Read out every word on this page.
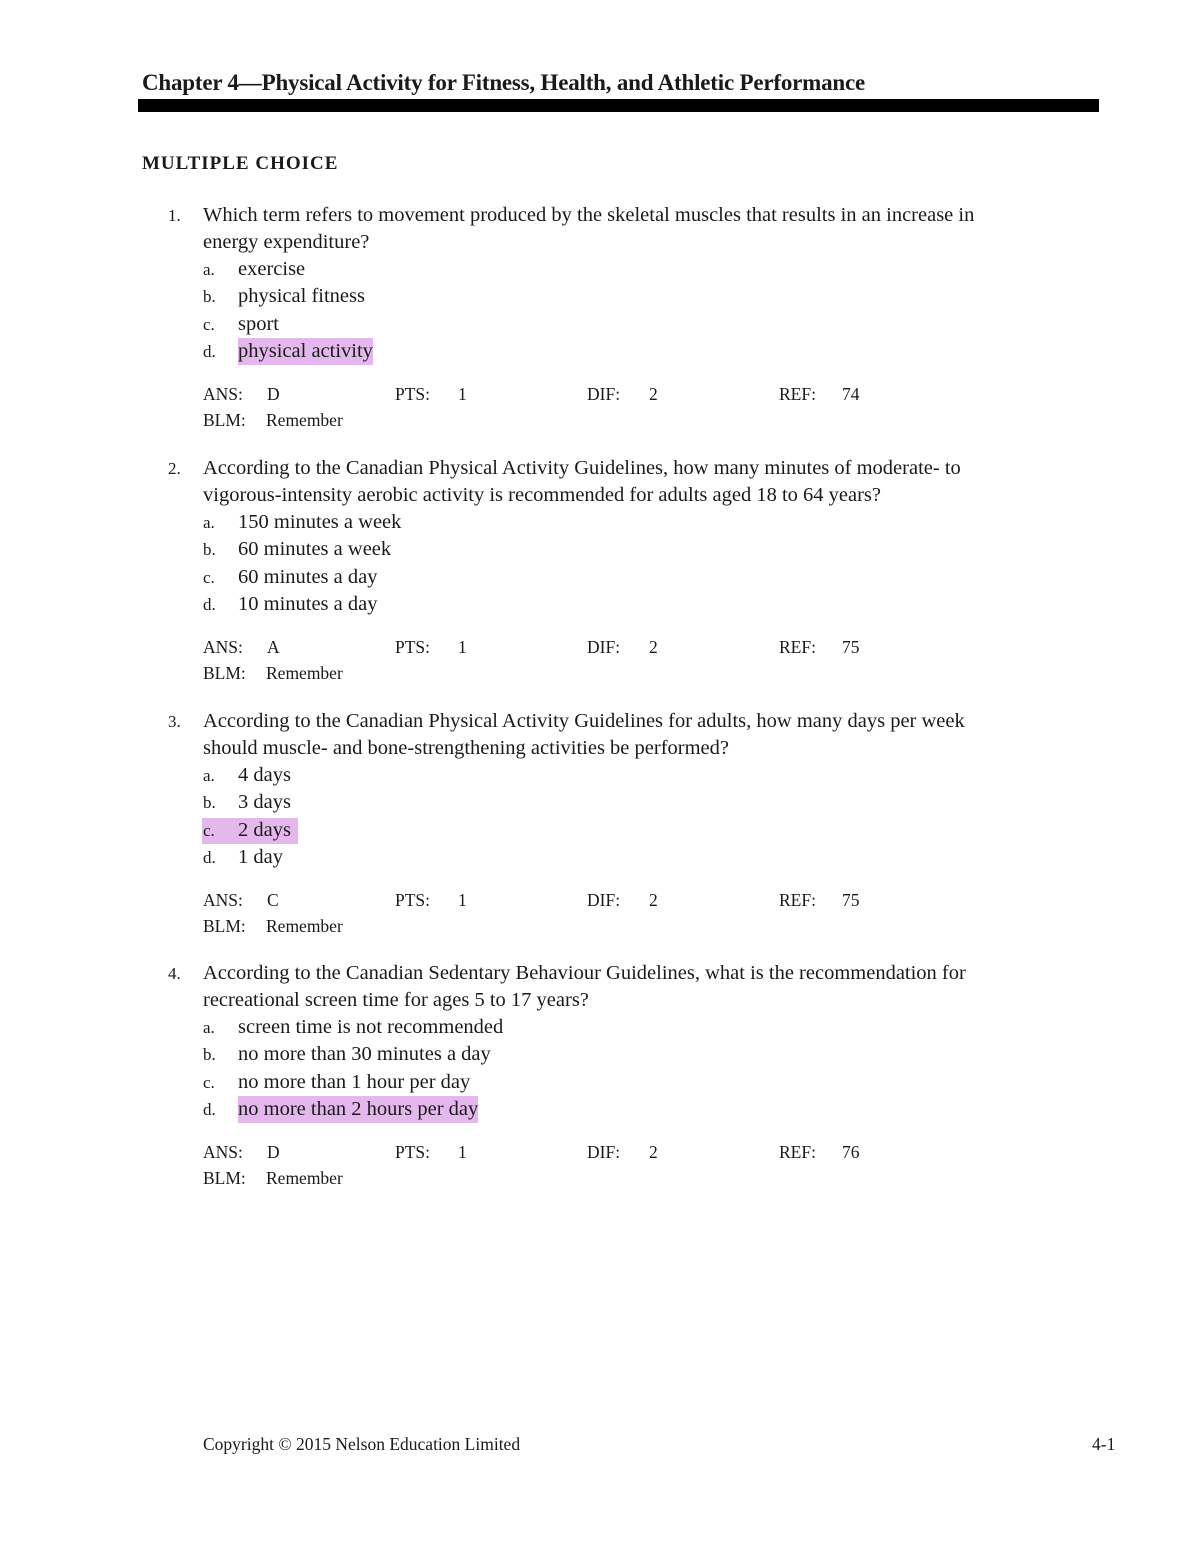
Chapter 4—Physical Activity for Fitness, Health, and Athletic Performance
MULTIPLE CHOICE
1. Which term refers to movement produced by the skeletal muscles that results in an increase in
energy expenditure?
a. exercise
b. physical fitness
c. sport
d. physical activity
ANS: D	PTS: 1	DIF: 2	REF: 74
BLM: Remember
2. According to the Canadian Physical Activity Guidelines, how many minutes of moderate- to
vigorous-intensity aerobic activity is recommended for adults aged 18 to 64 years?
a. 150 minutes a week
b. 60 minutes a week
c. 60 minutes a day
d. 10 minutes a day
ANS: A	PTS: 1	DIF: 2	REF: 75
BLM: Remember
3. According to the Canadian Physical Activity Guidelines for adults, how many days per week
should muscle- and bone-strengthening activities be performed?
a. 4 days
b. 3 days
c. 2 days
d. 1 day
ANS: C	PTS: 1	DIF: 2	REF: 75
BLM: Remember
4. According to the Canadian Sedentary Behaviour Guidelines, what is the recommendation for
recreational screen time for ages 5 to 17 years?
a. screen time is not recommended
b. no more than 30 minutes a day
c. no more than 1 hour per day
d. no more than 2 hours per day
ANS: D	PTS: 1	DIF: 2	REF: 76
BLM: Remember
Copyright © 2015 Nelson Education Limited	4-1
